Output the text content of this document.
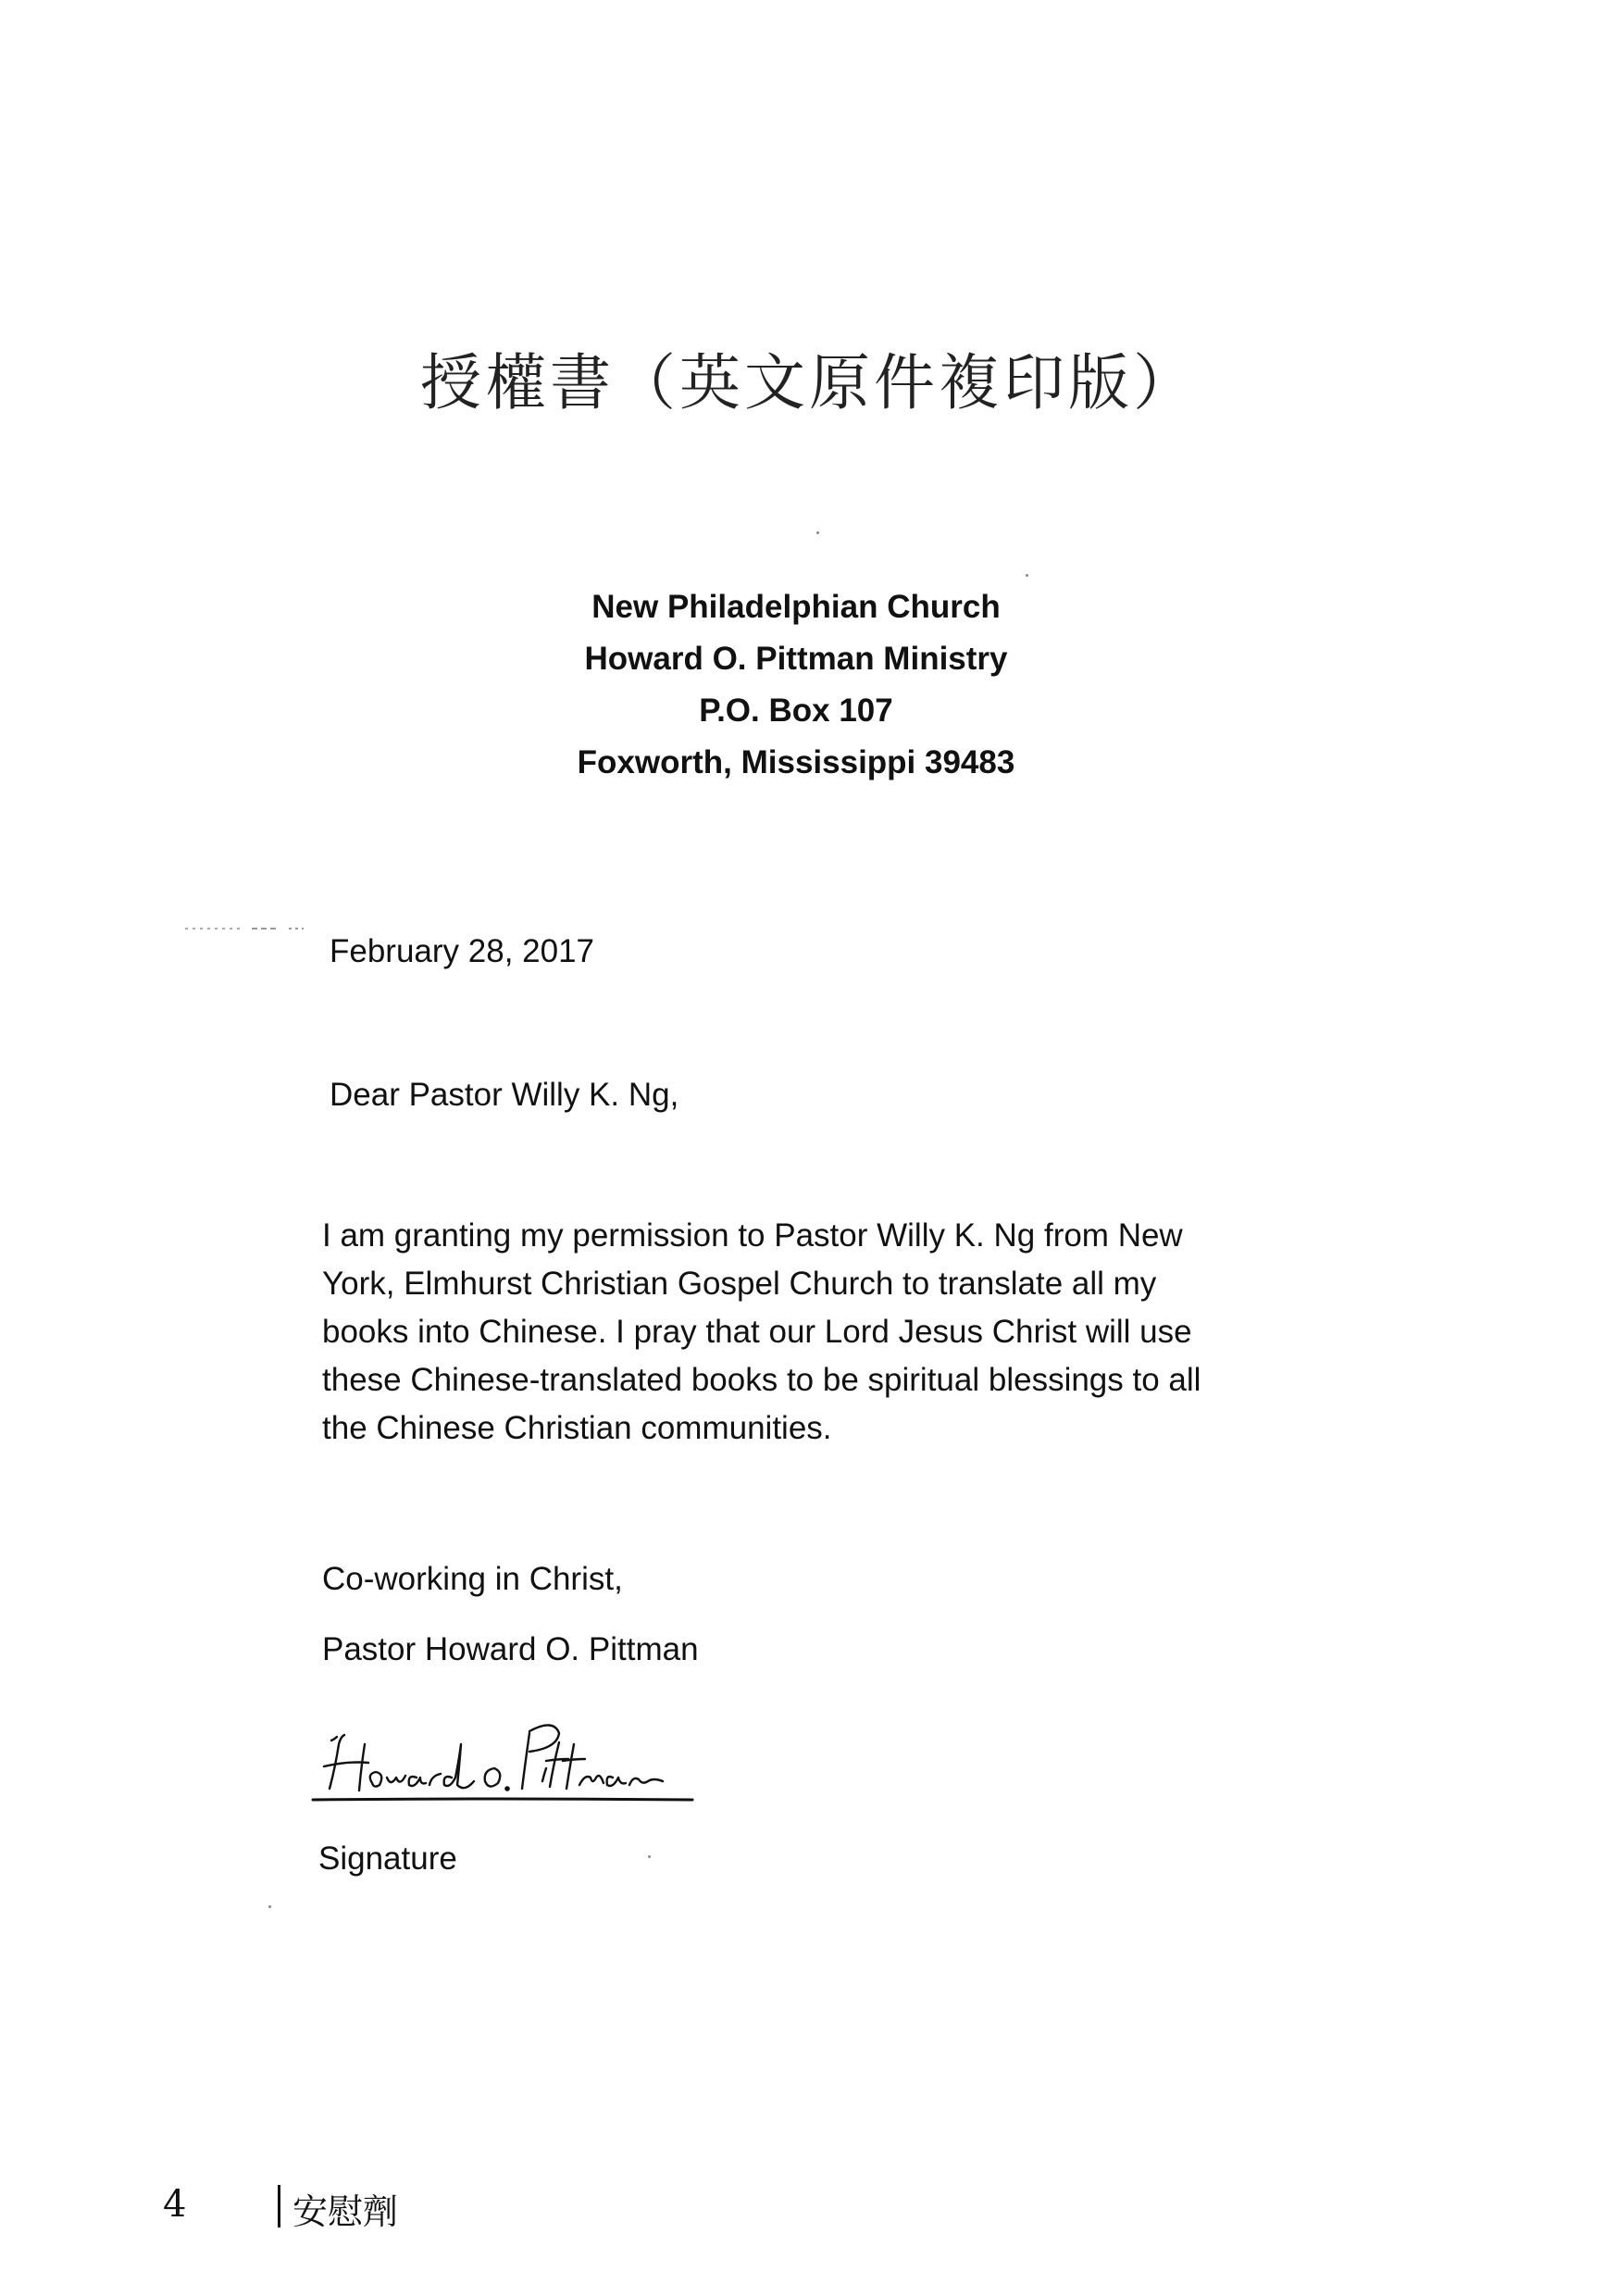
授權書（英文原件複印版）
New Philadelphian Church
Howard O. Pittman Ministry
P.O. Box 107
Foxworth, Mississippi 39483
February 28, 2017
Dear Pastor Willy K. Ng,
I am granting my permission to Pastor Willy K. Ng from New
York, Elmhurst Christian Gospel Church to translate all my
books into Chinese. I pray that our Lord Jesus Christ will use
these Chinese-translated books to be spiritual blessings to all
the Chinese Christian communities.
Co-working in Christ,
Pastor Howard O. Pittman
Signature
4	安慰劑
